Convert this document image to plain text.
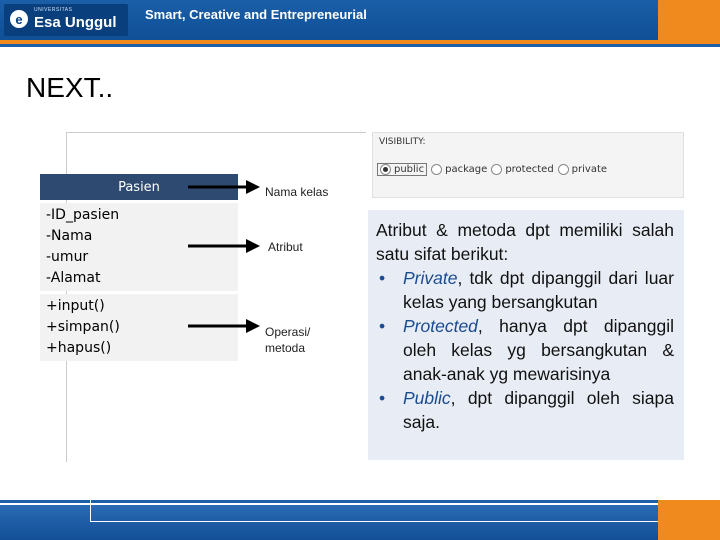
e
UNIVERSITAS
Esa Unggul Smart, Creative and Entrepreneurial
NEXT..
Pasien
-ID_pasien
-Nama
-umur
-Alamat
+input()
+simpan()
+hapus()
Nama kelas
Atribut
Operasi/
metoda
VISIBILITY:
public package protected private
Atribut & metoda dpt memiliki salah satu sifat berikut:
• Private, tdk dpt dipanggil dari luar kelas yang bersangkutan
• Protected, hanya dpt dipanggil oleh kelas yg bersangkutan & anak-anak yg mewarisinya
• Public, dpt dipanggil oleh siapa saja.
